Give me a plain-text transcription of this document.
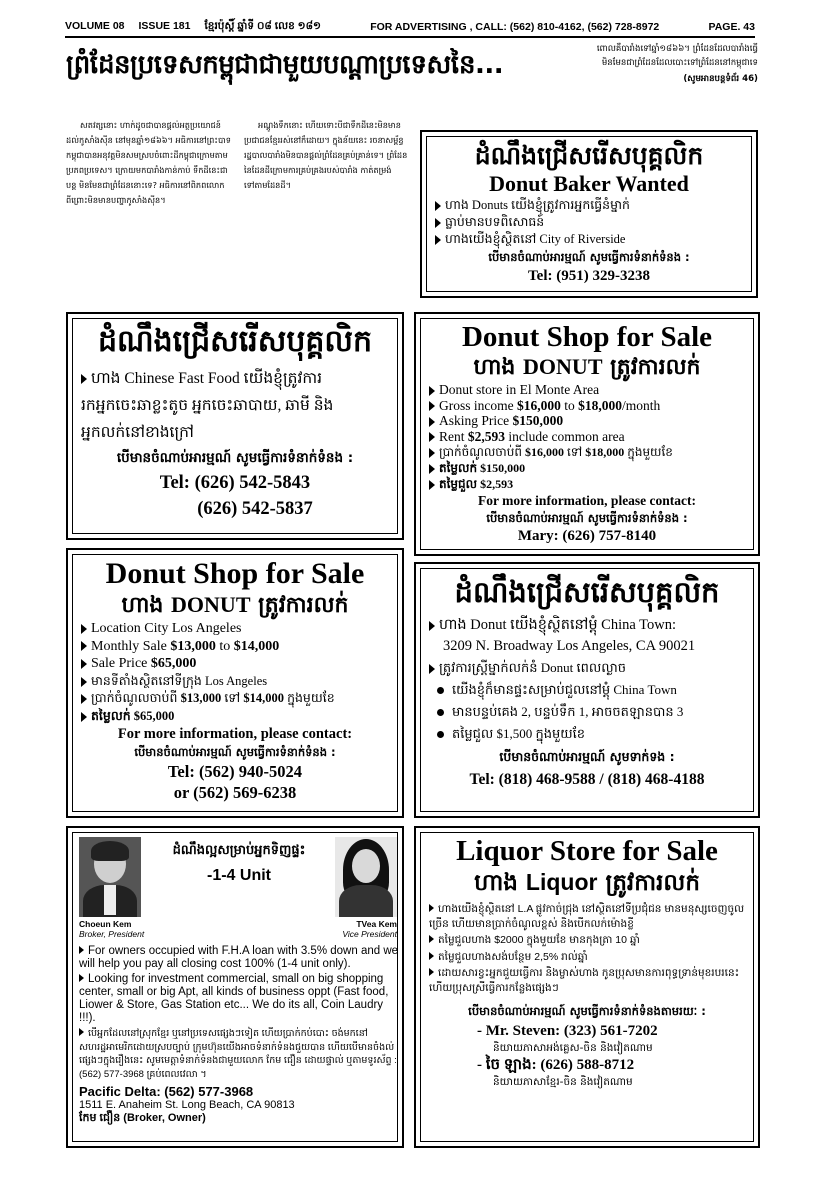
VOLUME 08 ISSUE 181 ខ្មែរប៉ុស្តិ៍ ឆ្នាំទី ០៨ លេខ ១៨១	FOR ADVERTISING , CALL: (562) 810-4162, (562) 728-8972	PAGE. 43
ព្រំដែនប្រទេសកម្ពុជាជាមួយបណ្ដាប្រទេសនៃ...
ពោលគឺបារាំងទៅឆ្នាំ១៨៦៦។ ព្រំដែនដែលបារាំងធ្វើ មិនមែនជាព្រំដែនដែលបោះទៅព្រំដែននៅកម្ពុជាទេ
(សូមអានបន្តទំព័រ 46)

សតវត្សនោះ ហាក់ដូចជាបានផ្ដល់អត្ថប្រយោជន៍ដល់កូសាំងស៊ីន នៅមុនឆ្នាំ១៨៦៦។ អធិការនៅព្រះបាទ កម្ពុជាបានអនុវត្តមិនសមស្របចំពោះដីកម្ពុជាក្រោមតាមប្រភពប្រទេស។ ក្រោយមកបារាំងកាន់កាប់ ទឹកដីនេះជាបន្ត មិនមែនជាព្រំដែននោះទេ? អធិការនៅពិភពលោក ពីព្រោះមិនមានបញ្ហាកូសាំងស៊ីន។

អណ្ដូងទឹកនោះ ហើយទោះបីជាទឹកដីនេះមិនមានប្រជាជនខ្មែររស់នៅក៏ដោយ។ ក្នុងន័យនេះ រចនាសម្ព័ន្ធរដ្ឋបាលបារាំងមិនបានផ្ដល់ព្រំដែនគ្រប់គ្រាន់ទេ។ ព្រំដែននៃដែនដីក្រោមការគ្រប់គ្រងរបស់បារាំង កាត់តម្រង់ទៅតាមដែនដី។

ដំណឹងជ្រើសរើសបុគ្គលិក
Donut Baker Wanted
ហាង Donuts យើងខ្ញុំត្រូវការអ្នកធ្វើនំម្នាក់
ធ្លាប់មានបទពិសោធន៍
ហាងយើងខ្ញុំស្ថិតនៅ City of Riverside
បើមានចំណាប់អារម្មណ៍ សូមធ្វើការទំនាក់ទំនង :
Tel: (951) 329-3238
ដំណឹងជ្រើសរើសបុគ្គលិក
ហាង Chinese Fast Food យើងខ្ញុំត្រូវការ
រកអ្នកចេះឆាខ្លះតូច អ្នកចេះឆាបាយ, ឆាមី និង
អ្នកលក់នៅខាងក្រៅ
បើមានចំណាប់អារម្មណ៍ សូមធ្វើការទំនាក់ទំនង :
Tel: (626) 542-5843
(626) 542-5837
Donut Shop for Sale
ហាង DONUT ត្រូវការលក់
Donut store in El Monte Area
Gross income $16,000 to $18,000/month
Asking Price $150,000
Rent $2,593 include common area
ប្រាក់ចំណូលចាប់ពី $16,000 ទៅ $18,000 ក្នុងមួយខែ
តម្លៃលក់ $150,000
តម្លៃជួល $2,593
For more information, please contact:
បើមានចំណាប់អារម្មណ៍ សូមធ្វើការទំនាក់ទំនង :
Mary: (626) 757-8140
Donut Shop for Sale
ហាង DONUT ត្រូវការលក់
Location City Los Angeles
Monthly Sale $13,000 to $14,000
Sale Price $65,000
មានទីតាំងស្ថិតនៅទីក្រុង Los Angeles
ប្រាក់ចំណូលចាប់ពី $13,000 ទៅ $14,000 ក្នុងមួយខែ
តម្លៃលក់ $65,000
For more information, please contact:
បើមានចំណាប់អារម្មណ៍ សូមធ្វើការទំនាក់ទំនង :
Tel: (562) 940-5024
or (562) 569-6238
ដំណឹងជ្រើសរើសបុគ្គលិក
ហាង Donut យើងខ្ញុំស្ថិតនៅម្ដុំ China Town:
3209 N. Broadway Los Angeles, CA 90021
ត្រូវការស្ត្រីម្នាក់លក់នំ Donut ពេលល្ងាច
យើងខ្ញុំក៏មានផ្ទះសម្រាប់ជួលនៅម្ដុំ China Town
មានបន្ទប់គេង 2, បន្ទប់ទឹក 1, អាចចតឡានបាន 3
តម្លៃជួល $1,500 ក្នុងមួយខែ
បើមានចំណាប់អារម្មណ៍ សូមទាក់ទង :
Tel: (818) 468-9588 / (818) 468-4188
Choeun Kem
Broker, President
TVea Kem
Vice President
ដំណឹងល្អសម្រាប់អ្នកទិញផ្ទះ
-1-4 Unit
For owners occupied with F.H.A loan with 3.5% down and we will help you pay all closing cost 100% (1-4 unit only).
Looking for investment commercial, small on big shopping center, small or big Apt, all kinds of business oppt (Fast food, Liower & Store, Gas Station etc... We do its all, Coin Laudry !!!).
បើអ្នកដែលនៅស្រុកខ្មែរ ឬនៅប្រទេសផ្សេងៗទៀត ហើយប្រាក់កប់បោះ ចង់មកនៅសហរដ្ឋអាមេរិកដោយស្របច្បាប់ ក្រុមហ៊ុនយើងអាចទំនាក់ទំនងជួយបាន ហើយបើមានចំងល់ផ្សេងៗក្នុងរឿងនេះ សូមមេត្តាទំនាក់ទំនងជាមួយលោក កែម ជឿន ដោយផ្ទាល់ ឬតាមទូរស័ព្ទ : (562) 577-3968 គ្រប់ពេលវេលា ។
Pacific Delta: (562) 577-3968
1511 E. Anaheim St. Long Beach, CA 90813
កែម ជឿន (Broker, Owner)
Liquor Store for Sale
ហាង Liquor ត្រូវការលក់
ហាងយើងខ្ញុំស្ថិតនៅ L.A ផ្លូវកាច់ជ្រុង នៅស្ថិតនៅទីប្រជុំជន មានមនុស្សចេញចូលច្រើន ហើយមានប្រាក់ចំណូលខ្ពស់ និងបើកលក់ម៉ោងខ្លី
តម្លៃជួលហាង $2000 ក្នុងមួយខែ មានកុងត្រា 10 ឆ្នាំ
តម្លៃជួលហាងសង់បន្ថែម 2,5% រាល់ឆ្នាំ
ដោយសារខ្វះអ្នកជួយធ្វើការ និងម្ចាស់ហាង កូនប្រុសមានការពុទ្ធទ្រាន់មុខរបរនេះ ហើយប្រុសស្រីធ្វើការកន្លែងផ្សេងៗ
បើមានចំណាប់អារម្មណ៍ សូមធ្វើការទំនាក់ទំនងតាមរយៈ :
- Mr. Steven: (323) 561-7202
និយាយភាសាអង់គ្លេស-ចិន និងវៀតណាម
- ចៃ ឡាង: (626) 588-8712
និយាយភាសាខ្មែរ-ចិន និងវៀតណាម
